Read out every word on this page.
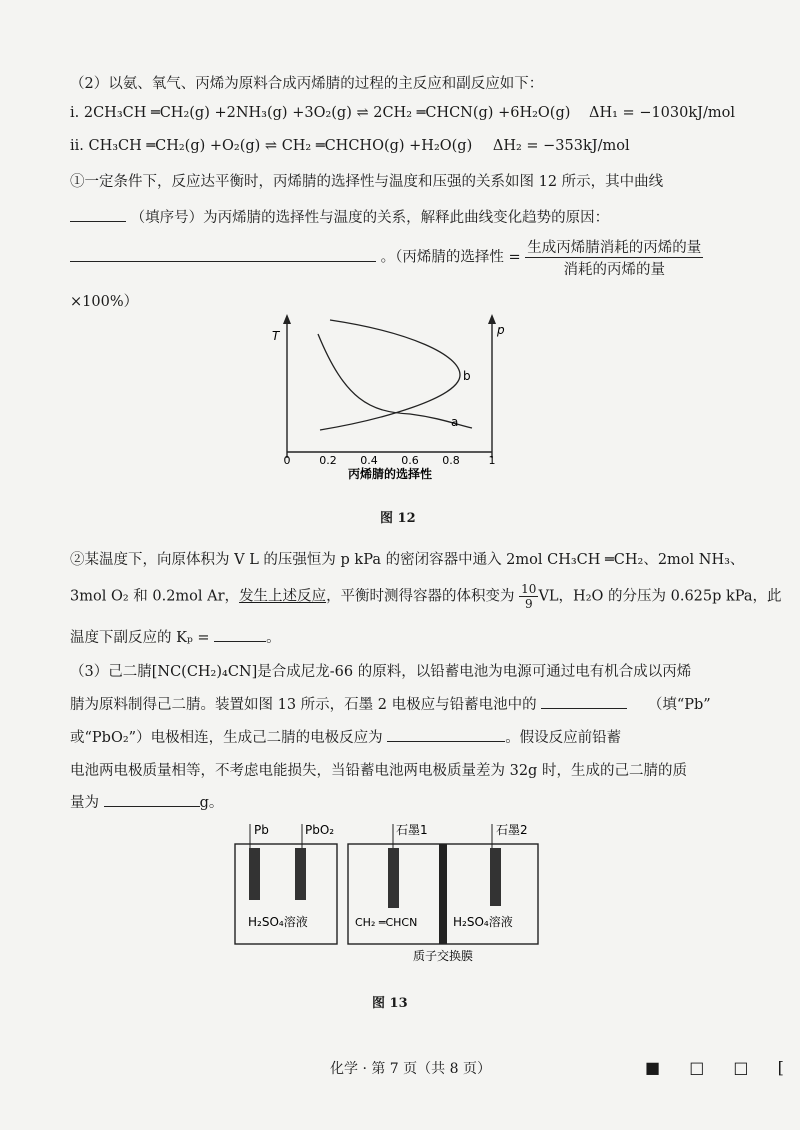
（2）以氨、氧气、丙烯为原料合成丙烯腈的过程的主反应和副反应如下：
i. 2CH₃CH ═CH₂(g) +2NH₃(g) +3O₂(g) ⇌ 2CH₂ ═CHCN(g) +6H₂O(g) ΔH₁ = −1030kJ/mol
ii. CH₃CH ═CH₂(g) +O₂(g) ⇌ CH₂ ═CHCHO(g) +H₂O(g) ΔH₂ = −353kJ/mol
①一定条件下，反应达平衡时，丙烯腈的选择性与温度和压强的关系如图 12 所示，其中曲线
（填序号）为丙烯腈的选择性与温度的关系，解释此曲线变化趋势的原因：
。（丙烯腈的选择性 = $\frac{\text{生成丙烯腈消耗的丙烯的量}}{\text{消耗的丙烯的量}}$
×100%）
T	p
0	0.2 0.4 0.6 0.8	1
a
b
丙烯腈的选择性
图 12
②某温度下，向原体积为 V L 的压强恒为 p kPa 的密闭容器中通入 2mol CH₃CH ═CH₂、2mol NH₃、
3mol O₂ 和 0.2mol Ar，发生上述反应，平衡时测得容器的体积变为 $\frac{10}{9}$ VL，H₂O 的分压为 0.625p kPa，此
温度下副反应的 Kₚ =	。
（3）己二腈[NC(CH₂)₄CN]是合成尼龙-66 的原料，以铅蓄电池为电源可通过电有机合成以丙烯
腈为原料制得己二腈。装置如图 13 所示，石墨 2 电极应与铅蓄电池中的	（填“Pb”
或“PbO₂”）电极相连，生成己二腈的电极反应为	。假设反应前铅蓄
电池两电极质量相等，不考虑电能损失，当铅蓄电池两电极质量差为 32g 时，生成的己二腈的质
量为	g。
Pb	PbO₂
H₂SO₄溶液
石墨1	石墨2
CH₂ ═CHCN	H₂SO₄溶液
质子交换膜
图 13
化学 · 第 7 页（共 8 页）	■ □ □ [
